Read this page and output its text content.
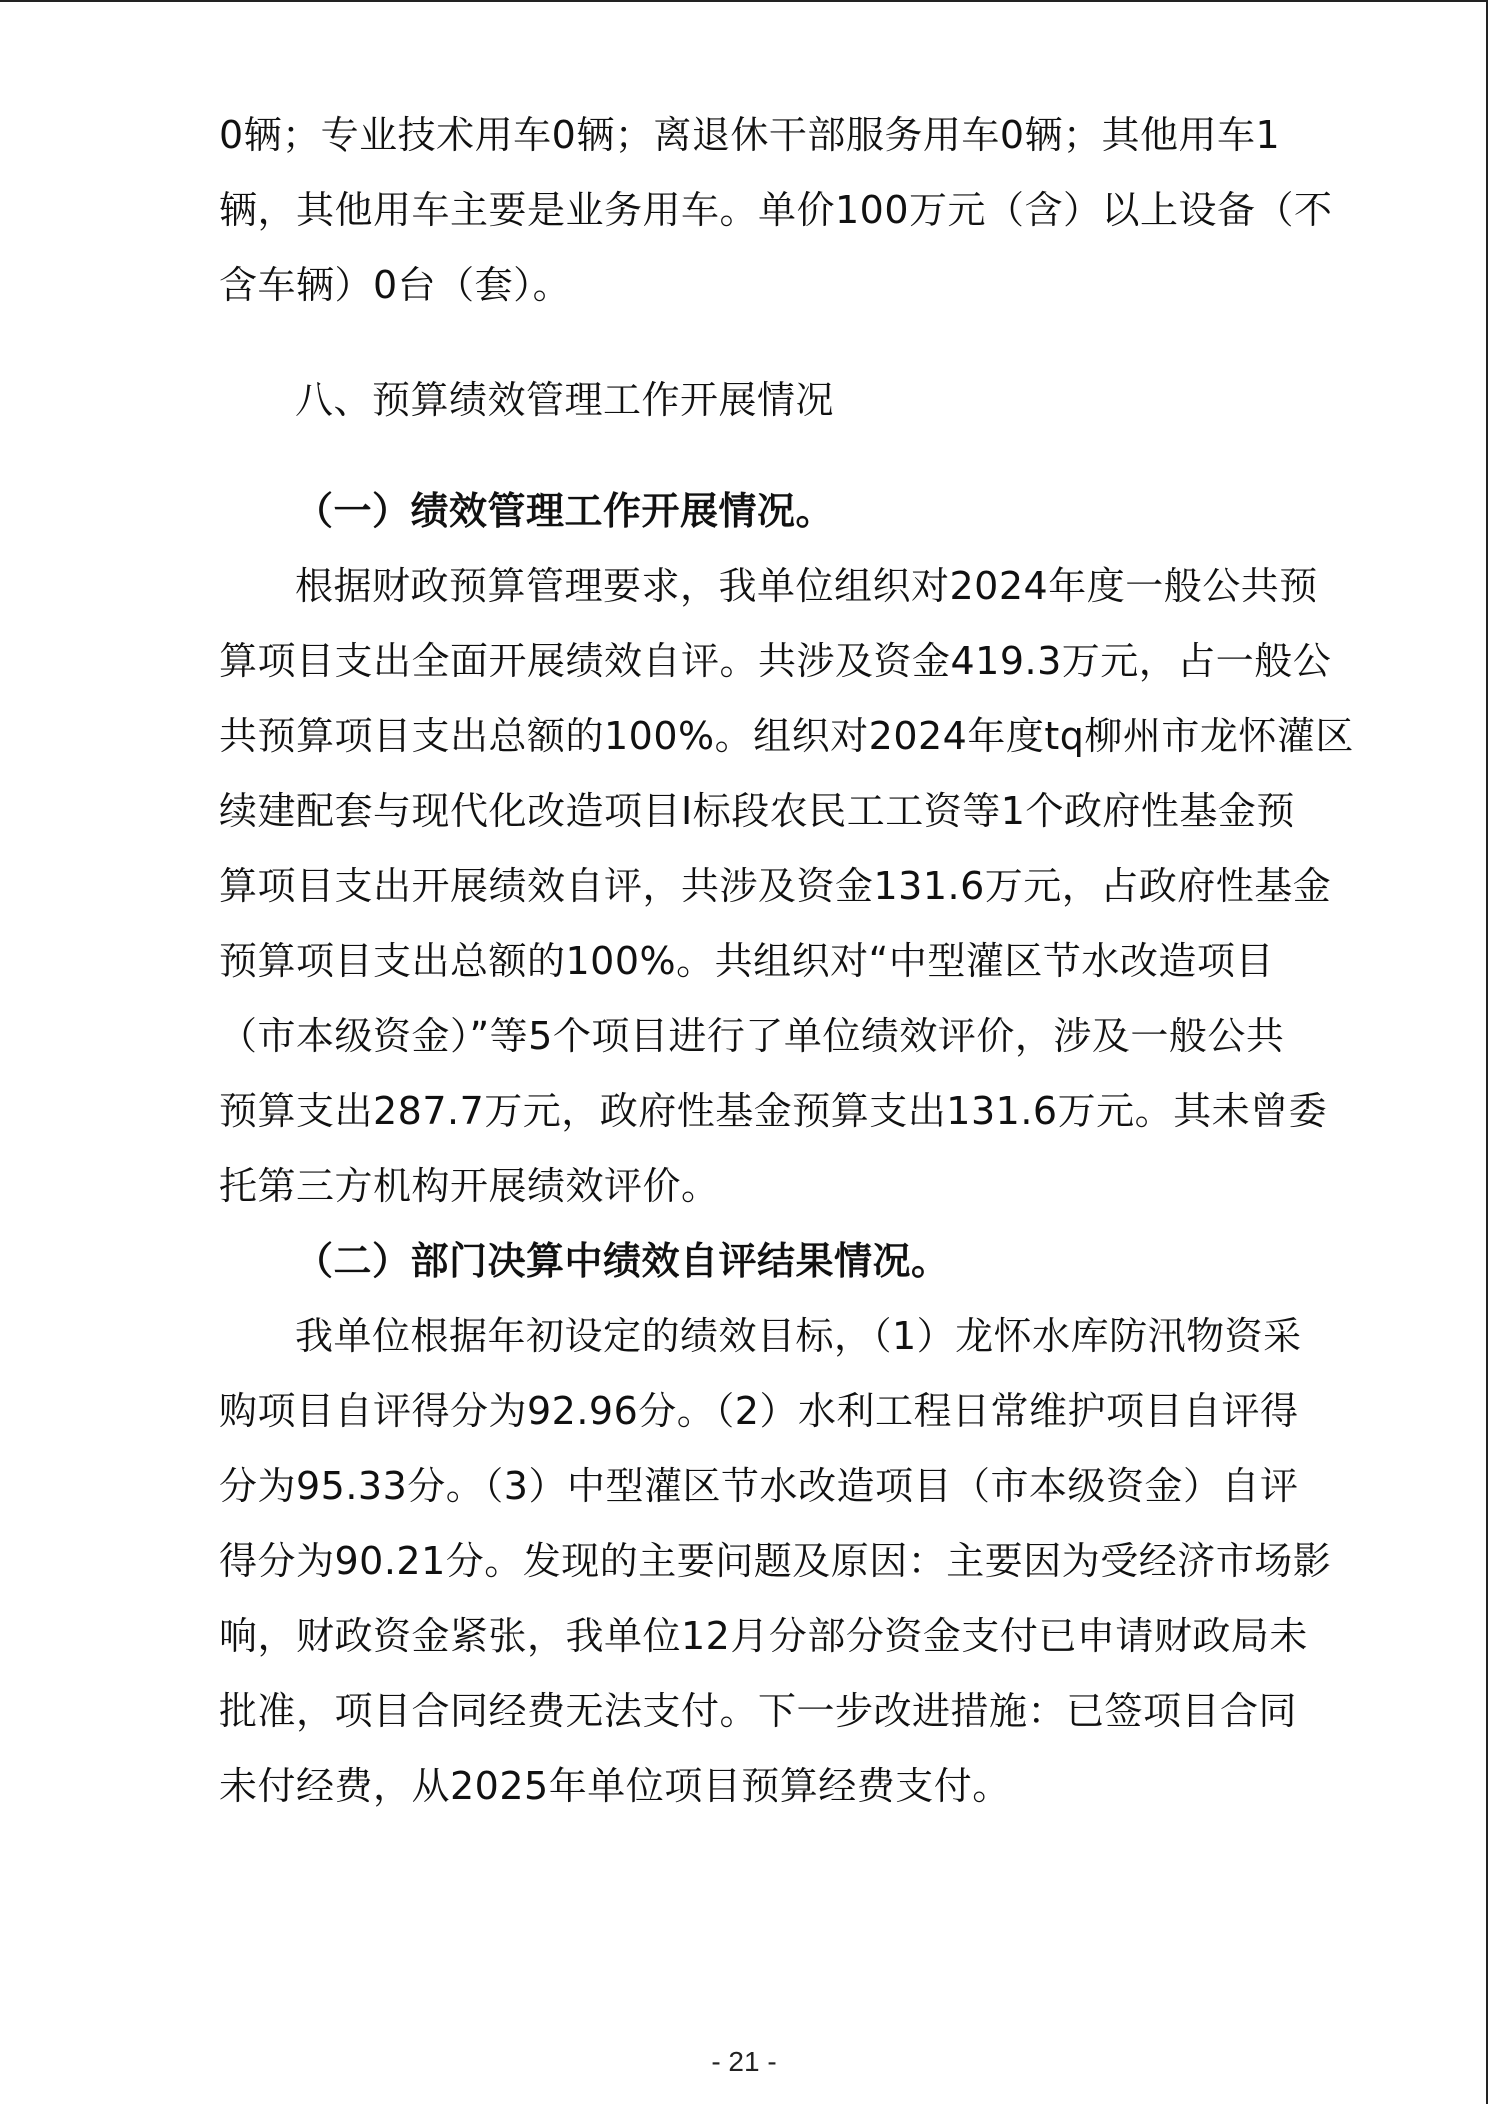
0辆；专业技术用车0辆；离退休干部服务用车0辆；其他用车1
辆，其他用车主要是业务用车。单价100万元（含）以上设备（不
含车辆）0台（套）。
八、预算绩效管理工作开展情况
（一）绩效管理工作开展情况。
根据财政预算管理要求，我单位组织对2024年度一般公共预
算项目支出全面开展绩效自评。共涉及资金419.3万元，占一般公
共预算项目支出总额的100%。组织对2024年度tq柳州市龙怀灌区
续建配套与现代化改造项目Ⅰ标段农民工工资等1个政府性基金预
算项目支出开展绩效自评，共涉及资金131.6万元，占政府性基金
预算项目支出总额的100%。共组织对“中型灌区节水改造项目
（市本级资金）”等5个项目进行了单位绩效评价，涉及一般公共
预算支出287.7万元，政府性基金预算支出131.6万元。其未曾委
托第三方机构开展绩效评价。
（二）部门决算中绩效自评结果情况。
我单位根据年初设定的绩效目标，（1）龙怀水库防汛物资采
购项目自评得分为92.96分。（2）水利工程日常维护项目自评得
分为95.33分。（3）中型灌区节水改造项目（市本级资金）自评
得分为90.21分。发现的主要问题及原因：主要因为受经济市场影
响，财政资金紧张，我单位12月分部分资金支付已申请财政局未
批准，项目合同经费无法支付。下一步改进措施：已签项目合同
未付经费，从2025年单位项目预算经费支付。
- 21 -
